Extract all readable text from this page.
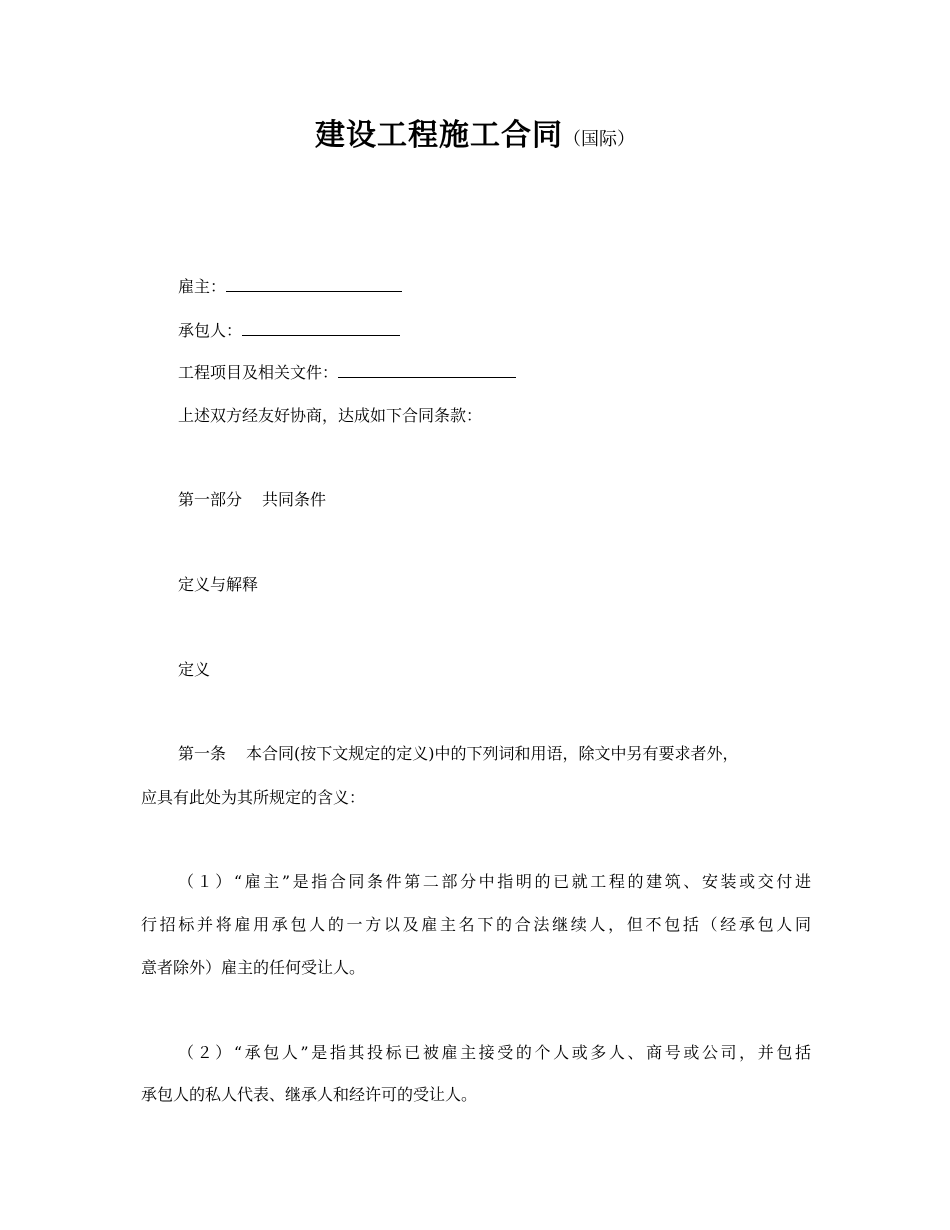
建设工程施工合同（国际）
雇主：
承包人：
工程项目及相关文件：
上述双方经友好协商，达成如下合同条款：
第一部分 共同条件
定义与解释
定义
第一条 本合同(按下文规定的定义)中的下列词和用语，除文中另有要求者外，
应具有此处为其所规定的含义：
（１）“雇主”是指合同条件第二部分中指明的已就工程的建筑、安装或交付进
行招标并将雇用承包人的一方以及雇主名下的合法继续人，但不包括（经承包人同
意者除外）雇主的任何受让人。
（２）“承包人”是指其投标已被雇主接受的个人或多人、商号或公司，并包括
承包人的私人代表、继承人和经许可的受让人。
